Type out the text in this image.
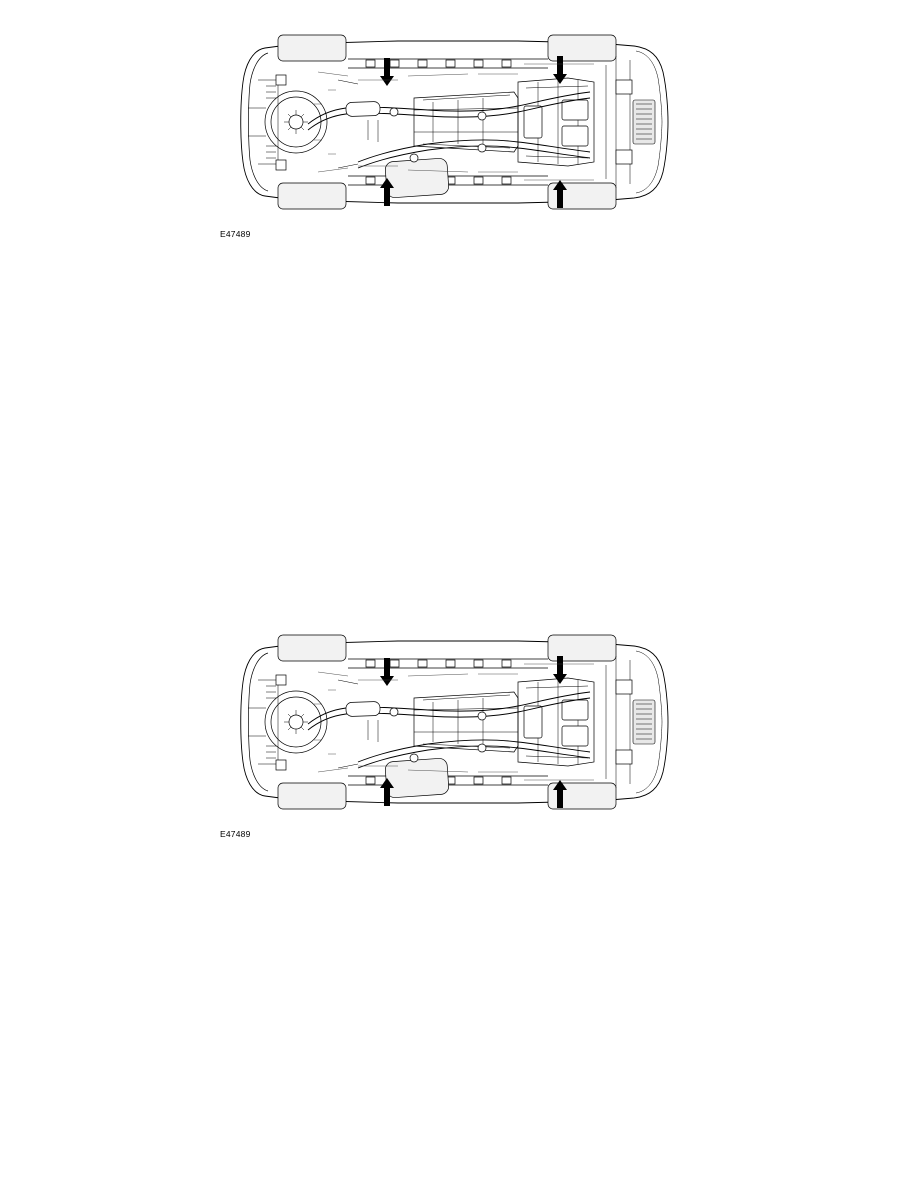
E47489
E47489
